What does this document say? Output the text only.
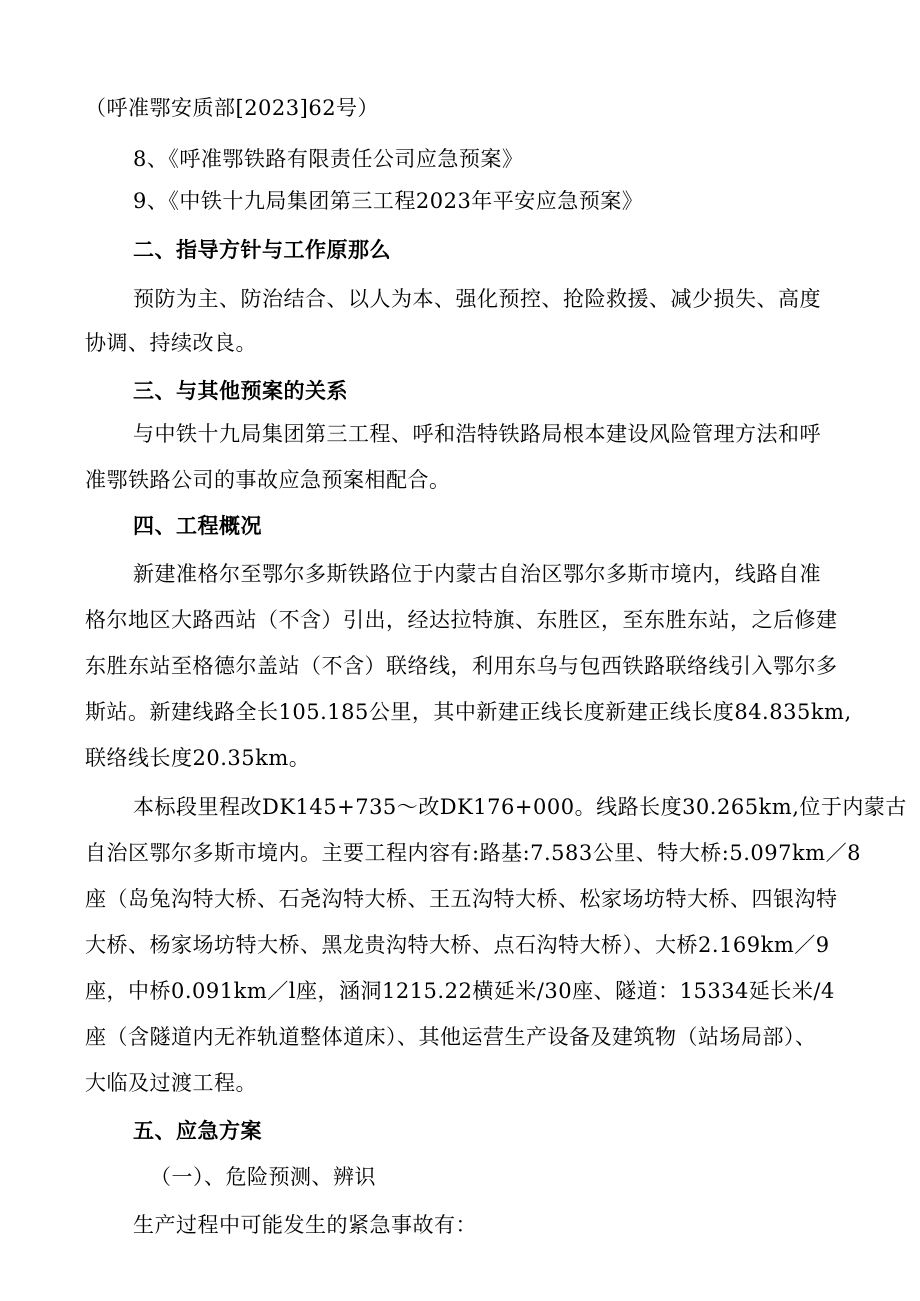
（呼准鄂安质部[2023]62号）
8、《呼准鄂铁路有限责任公司应急预案》
9、《中铁十九局集团第三工程2023年平安应急预案》
二、指导方针与工作原那么
预防为主、防治结合、以人为本、强化预控、抢险救援、减少损失、高度
协调、持续改良。
三、与其他预案的关系
与中铁十九局集团第三工程、呼和浩特铁路局根本建设风险管理方法和呼
准鄂铁路公司的事故应急预案相配合。
四、工程概况
新建准格尔至鄂尔多斯铁路位于内蒙古自治区鄂尔多斯市境内，线路自准
格尔地区大路西站（不含）引出，经达拉特旗、东胜区，至东胜东站，之后修建
东胜东站至格德尔盖站（不含）联络线，利用东乌与包西铁路联络线引入鄂尔多
斯站。新建线路全长105.185公里，其中新建正线长度新建正线长度84.835km,
联络线长度20.35km。
本标段里程改DK145+735～改DK176+000。线路长度30.265km,位于内蒙古
自治区鄂尔多斯市境内。主要工程内容有:路基:7.583公里、特大桥:5.097km／8
座（岛兔沟特大桥、石尧沟特大桥、王五沟特大桥、松家场坊特大桥、四银沟特
大桥、杨家场坊特大桥、黑龙贵沟特大桥、点石沟特大桥）、大桥2.169km／9
座，中桥0.091km／l座，涵洞1215.22横延米/30座、隧道：15334延长米/4
座（含隧道内无祚轨道整体道床）、其他运营生产设备及建筑物（站场局部）、
大临及过渡工程。
五、应急方案
（一）、危险预测、辨识
生产过程中可能发生的紧急事故有：
